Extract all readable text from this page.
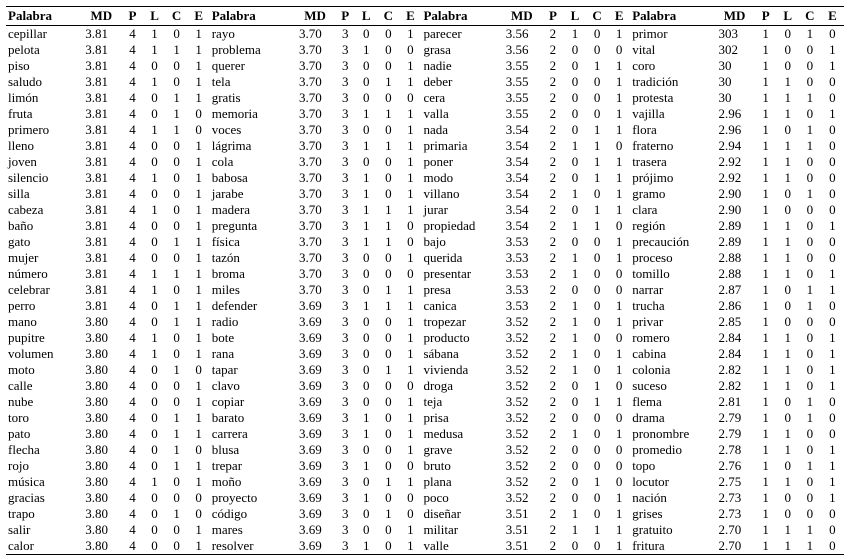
Palabra	MD	P	L	C	E	Palabra	MD	P	L	C	E	Palabra	MD	P	L	C	E	Palabra	MD	P	L	C	E
cepillar	3.81	4	1	0	1	rayo	3.70	3	0	0	1	parecer	3.56	2	1	0	1	primor	303	1	0	1	0
pelota	3.81	4	1	1	1	problema	3.70	3	1	0	0	grasa	3.56	2	0	0	0	vital	302	1	0	0	1
piso	3.81	4	0	0	1	querer	3.70	3	0	0	1	nadie	3.55	2	0	1	1	coro	30	1	0	0	1
saludo	3.81	4	1	0	1	tela	3.70	3	0	1	1	deber	3.55	2	0	0	1	tradición	30	1	1	0	0
limón	3.81	4	0	1	1	gratis	3.70	3	0	0	0	cera	3.55	2	0	0	1	protesta	30	1	1	1	0
fruta	3.81	4	0	1	0	memoria	3.70	3	1	1	1	valla	3.55	2	0	0	1	vajilla	2.96	1	1	0	1
primero	3.81	4	1	1	0	voces	3.70	3	0	0	1	nada	3.54	2	0	1	1	flora	2.96	1	0	1	0
lleno	3.81	4	0	0	1	lágrima	3.70	3	1	1	1	primaria	3.54	2	1	1	0	fraterno	2.94	1	1	1	0
joven	3.81	4	0	0	1	cola	3.70	3	0	0	1	poner	3.54	2	0	1	1	trasera	2.92	1	1	0	0
silencio	3.81	4	1	0	1	babosa	3.70	3	1	0	1	modo	3.54	2	0	1	1	prójimo	2.92	1	1	0	0
silla	3.81	4	0	0	1	jarabe	3.70	3	1	0	1	villano	3.54	2	1	0	1	gramo	2.90	1	0	1	0
cabeza	3.81	4	1	0	1	madera	3.70	3	1	1	1	jurar	3.54	2	0	1	1	clara	2.90	1	0	0	0
baño	3.81	4	0	0	1	pregunta	3.70	3	1	1	0	propiedad	3.54	2	1	1	0	región	2.89	1	1	0	1
gato	3.81	4	0	1	1	física	3.70	3	1	1	0	bajo	3.53	2	0	0	1	precaución	2.89	1	1	0	0
mujer	3.81	4	0	0	1	tazón	3.70	3	0	0	1	querida	3.53	2	1	0	1	proceso	2.88	1	1	0	0
número	3.81	4	1	1	1	broma	3.70	3	0	0	0	presentar	3.53	2	1	0	0	tomillo	2.88	1	1	0	1
celebrar	3.81	4	1	0	1	miles	3.70	3	0	1	1	presa	3.53	2	0	0	0	narrar	2.87	1	0	1	1
perro	3.81	4	0	1	1	defender	3.69	3	1	1	1	canica	3.53	2	1	0	1	trucha	2.86	1	0	1	0
mano	3.80	4	0	1	1	radio	3.69	3	0	0	1	tropezar	3.52	2	1	0	1	privar	2.85	1	0	0	0
pupitre	3.80	4	1	0	1	bote	3.69	3	0	0	1	producto	3.52	2	1	0	0	romero	2.84	1	1	0	1
volumen	3.80	4	1	0	1	rana	3.69	3	0	0	1	sábana	3.52	2	1	0	1	cabina	2.84	1	1	0	1
moto	3.80	4	0	1	0	tapar	3.69	3	0	1	1	vivienda	3.52	2	1	0	1	colonia	2.82	1	1	0	1
calle	3.80	4	0	0	1	clavo	3.69	3	0	0	0	droga	3.52	2	0	1	0	suceso	2.82	1	1	0	1
nube	3.80	4	0	0	1	copiar	3.69	3	0	0	1	teja	3.52	2	0	1	1	flema	2.81	1	0	1	0
toro	3.80	4	0	1	1	barato	3.69	3	1	0	1	prisa	3.52	2	0	0	0	drama	2.79	1	0	1	0
pato	3.80	4	0	1	1	carrera	3.69	3	1	0	1	medusa	3.52	2	1	0	1	pronombre	2.79	1	1	0	0
flecha	3.80	4	0	1	0	blusa	3.69	3	0	0	1	grave	3.52	2	0	0	0	promedio	2.78	1	1	0	1
rojo	3.80	4	0	1	1	trepar	3.69	3	1	0	0	bruto	3.52	2	0	0	0	topo	2.76	1	0	1	1
música	3.80	4	1	0	1	moño	3.69	3	0	1	1	plana	3.52	2	0	1	0	locutor	2.75	1	1	0	1
gracias	3.80	4	0	0	0	proyecto	3.69	3	1	0	0	poco	3.52	2	0	0	1	nación	2.73	1	0	0	1
trapo	3.80	4	0	1	0	código	3.69	3	0	1	0	diseñar	3.51	2	1	0	1	grises	2.73	1	0	0	0
salir	3.80	4	0	0	1	mares	3.69	3	0	0	1	militar	3.51	2	1	1	1	gratuito	2.70	1	1	1	0
calor	3.80	4	0	0	1	resolver	3.69	3	1	0	1	valle	3.51	2	0	0	1	fritura	2.70	1	1	1	0
